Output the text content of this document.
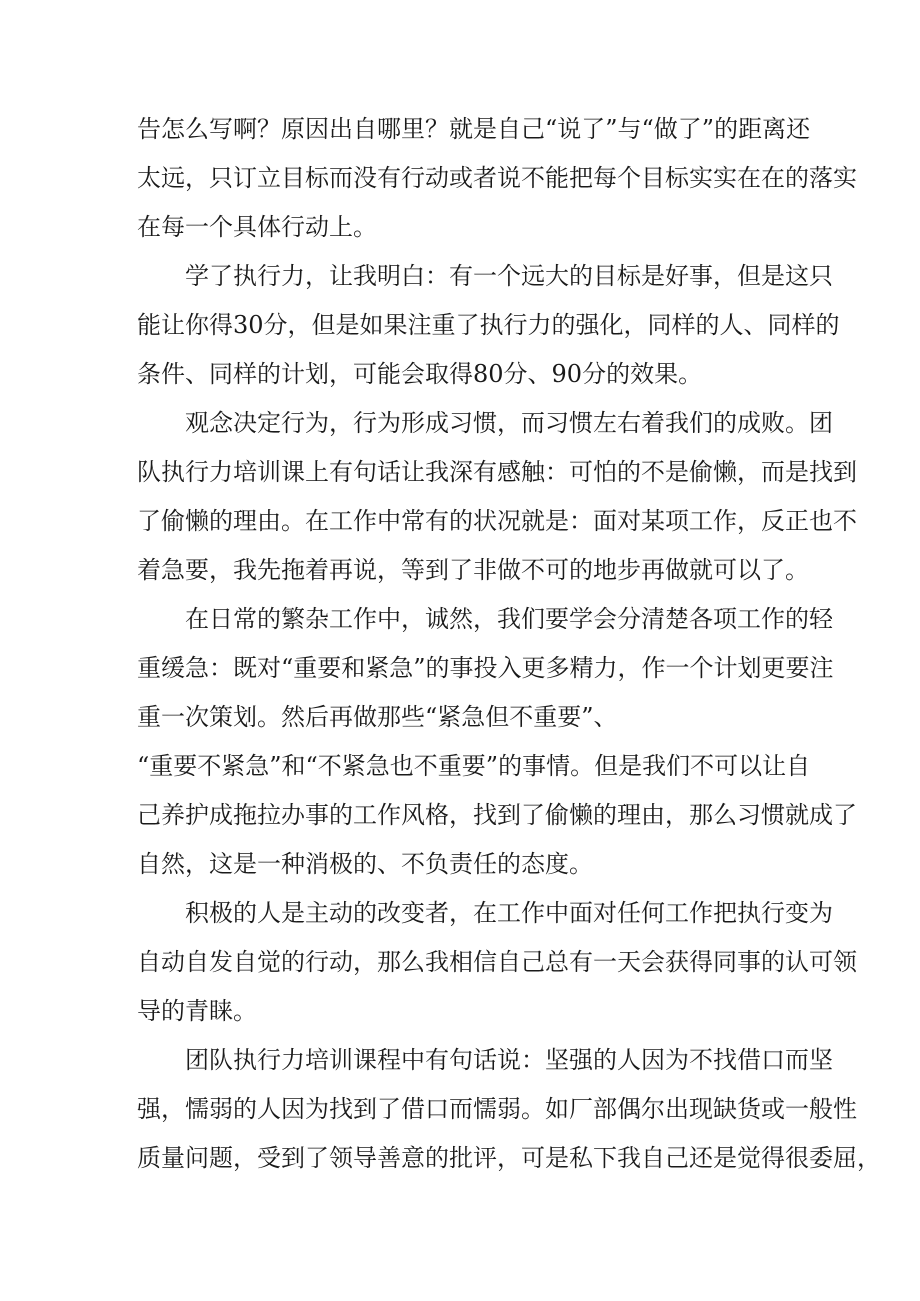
告怎么写啊？原因出自哪里？就是自己“说了”与“做了”的距离还
太远，只订立目标而没有行动或者说不能把每个目标实实在在的落实
在每一个具体行动上。
学了执行力，让我明白：有一个远大的目标是好事，但是这只
能让你得30分，但是如果注重了执行力的强化，同样的人、同样的
条件、同样的计划，可能会取得80分、90分的效果。
观念决定行为，行为形成习惯，而习惯左右着我们的成败。团
队执行力培训课上有句话让我深有感触：可怕的不是偷懒，而是找到
了偷懒的理由。在工作中常有的状况就是：面对某项工作，反正也不
着急要，我先拖着再说，等到了非做不可的地步再做就可以了。
在日常的繁杂工作中，诚然，我们要学会分清楚各项工作的轻
重缓急：既对“重要和紧急”的事投入更多精力，作一个计划更要注
重一次策划。然后再做那些“紧急但不重要”、
“重要不紧急”和“不紧急也不重要”的事情。但是我们不可以让自
己养护成拖拉办事的工作风格，找到了偷懒的理由，那么习惯就成了
自然，这是一种消极的、不负责任的态度。
积极的人是主动的改变者，在工作中面对任何工作把执行变为
自动自发自觉的行动，那么我相信自己总有一天会获得同事的认可领
导的青睐。
团队执行力培训课程中有句话说：坚强的人因为不找借口而坚
强，懦弱的人因为找到了借口而懦弱。如厂部偶尔出现缺货或一般性
质量问题，受到了领导善意的批评，可是私下我自己还是觉得很委屈，
